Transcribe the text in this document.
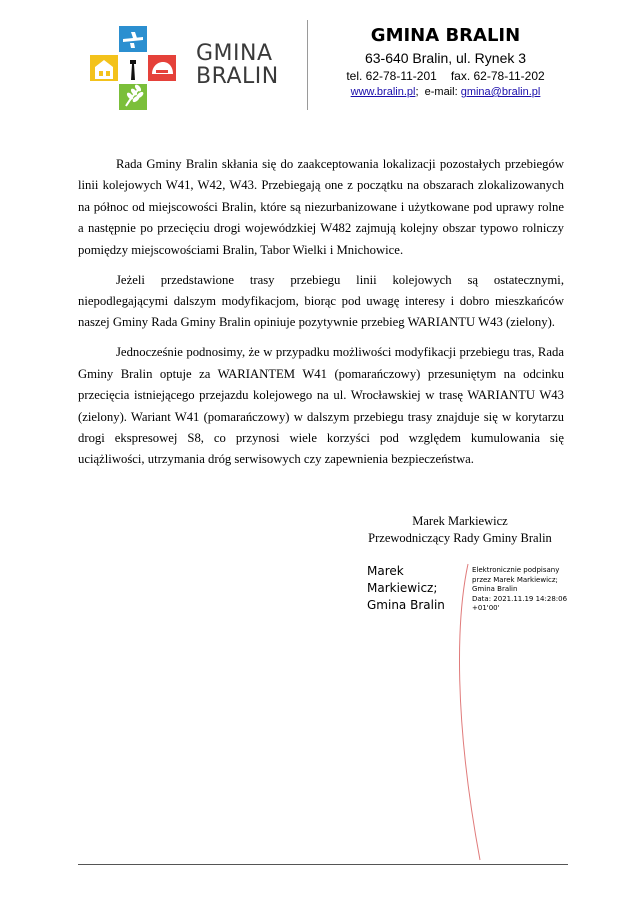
GMINA
BRALIN
GMINA BRALIN
63-640 Bralin, ul. Rynek 3
tel. 62-78-11-201 fax. 62-78-11-202
www.bralin.pl;  e-mail: gmina@bralin.pl

Rada Gminy Bralin skłania się do zaakceptowania lokalizacji pozostałych przebiegów linii kolejowych W41, W42, W43. Przebiegają one z początku na obszarach zlokalizowanych na północ od miejscowości Bralin, które są niezurbanizowane i użytkowane pod uprawy rolne a następnie po przecięciu drogi wojewódzkiej W482 zajmują kolejny obszar typowo rolniczy pomiędzy miejscowościami Bralin, Tabor Wielki i Mnichowice.

Jeżeli przedstawione trasy przebiegu linii kolejowych są ostatecznymi, niepodlegającymi dalszym modyfikacjom, biorąc pod uwagę interesy i dobro mieszkańców naszej Gminy Rada Gminy Bralin opiniuje pozytywnie przebieg WARIANTU W43 (zielony).

Jednocześnie podnosimy, że w przypadku możliwości modyfikacji przebiegu tras, Rada Gminy Bralin optuje za WARIANTEM W41 (pomarańczowy) przesuniętym na odcinku przecięcia istniejącego przejazdu kolejowego na ul. Wrocławskiej w trasę WARIANTU W43 (zielony). Wariant W41 (pomarańczowy) w dalszym przebiegu trasy znajduje się w korytarzu drogi ekspresowej S8, co przynosi wiele korzyści pod względem kumulowania się uciążliwości, utrzymania dróg serwisowych czy zapewnienia bezpieczeństwa.

Marek Markiewicz
Przewodniczący Rady Gminy Bralin
Marek
Markiewicz;
Gmina Bralin
Elektronicznie podpisany
przez Marek Markiewicz;
Gmina Bralin
Data: 2021.11.19 14:28:06
+01'00'
